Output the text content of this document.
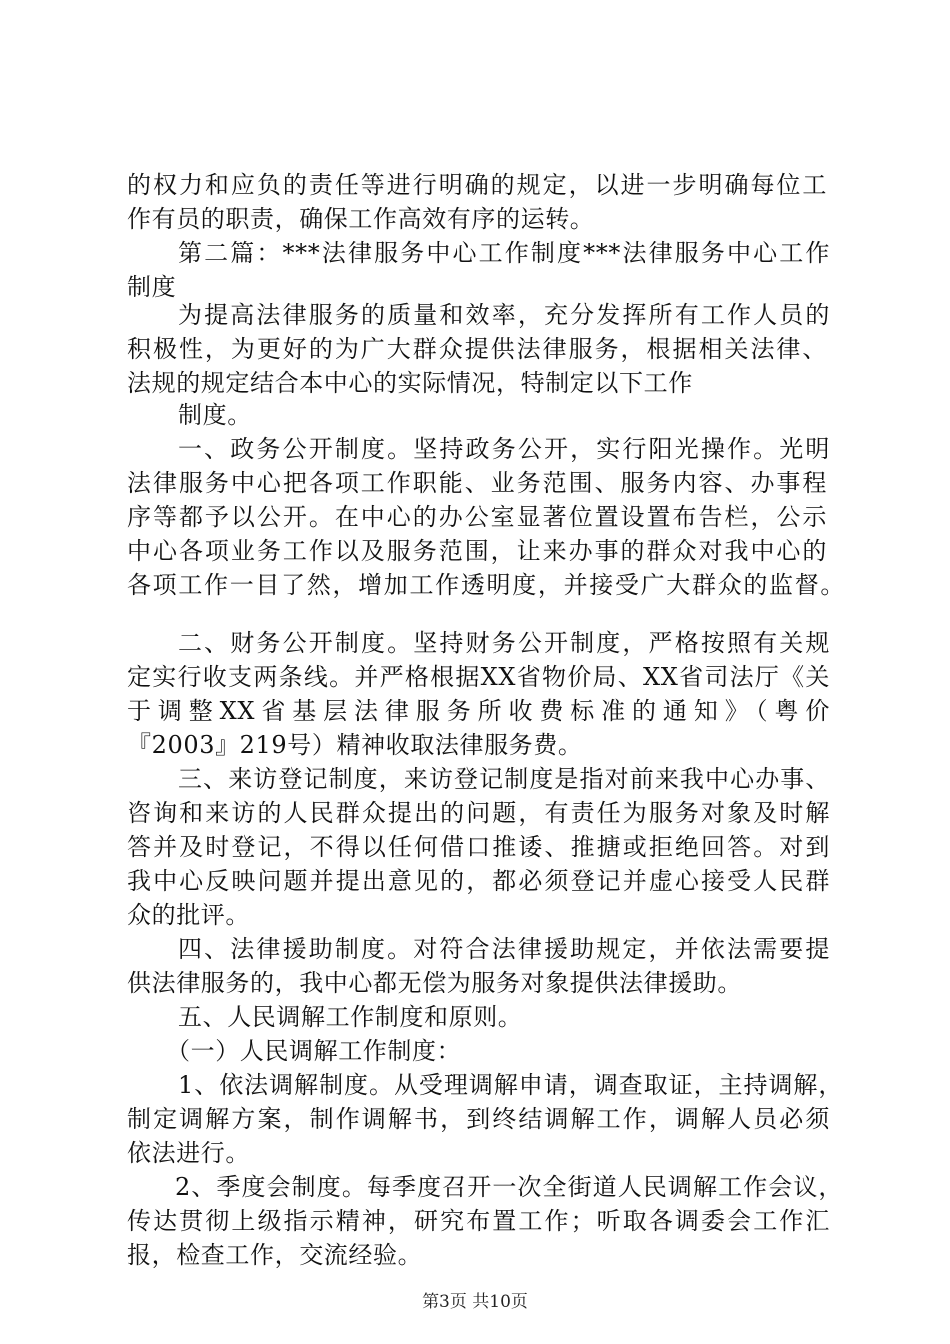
的权力和应负的责任等进行明确的规定，以进一步明确每位工
作有员的职责，确保工作高效有序的运转。
第二篇：***法律服务中心工作制度***法律服务中心工作
制度
为提高法律服务的质量和效率，充分发挥所有工作人员的
积极性，为更好的为广大群众提供法律服务，根据相关法律、
法规的规定结合本中心的实际情况，特制定以下工作
制度。
一、政务公开制度。坚持政务公开，实行阳光操作。光明
法律服务中心把各项工作职能、业务范围、服务内容、办事程
序等都予以公开。在中心的办公室显著位置设置布告栏，公示
中心各项业务工作以及服务范围，让来办事的群众对我中心的
各项工作一目了然，增加工作透明度，并接受广大群众的监督。
二、财务公开制度。坚持财务公开制度，严格按照有关规
定实行收支两条线。并严格根据XX省物价局、XX省司法厅《关
于调整XX省基层法律服务所收费标准的通知》（粤价
『2003』219号）精神收取法律服务费。
三、来访登记制度，来访登记制度是指对前来我中心办事、
咨询和来访的人民群众提出的问题，有责任为服务对象及时解
答并及时登记，不得以任何借口推诿、推搪或拒绝回答。对到
我中心反映问题并提出意见的，都必须登记并虚心接受人民群
众的批评。
四、法律援助制度。对符合法律援助规定，并依法需要提
供法律服务的，我中心都无偿为服务对象提供法律援助。
五、人民调解工作制度和原则。
（一）人民调解工作制度：
1、依法调解制度。从受理调解申请，调查取证，主持调解，
制定调解方案，制作调解书，到终结调解工作，调解人员必须
依法进行。
2、季度会制度。每季度召开一次全街道人民调解工作会议，
传达贯彻上级指示精神，研究布置工作；听取各调委会工作汇
报，检查工作，交流经验。
第3页 共10页
